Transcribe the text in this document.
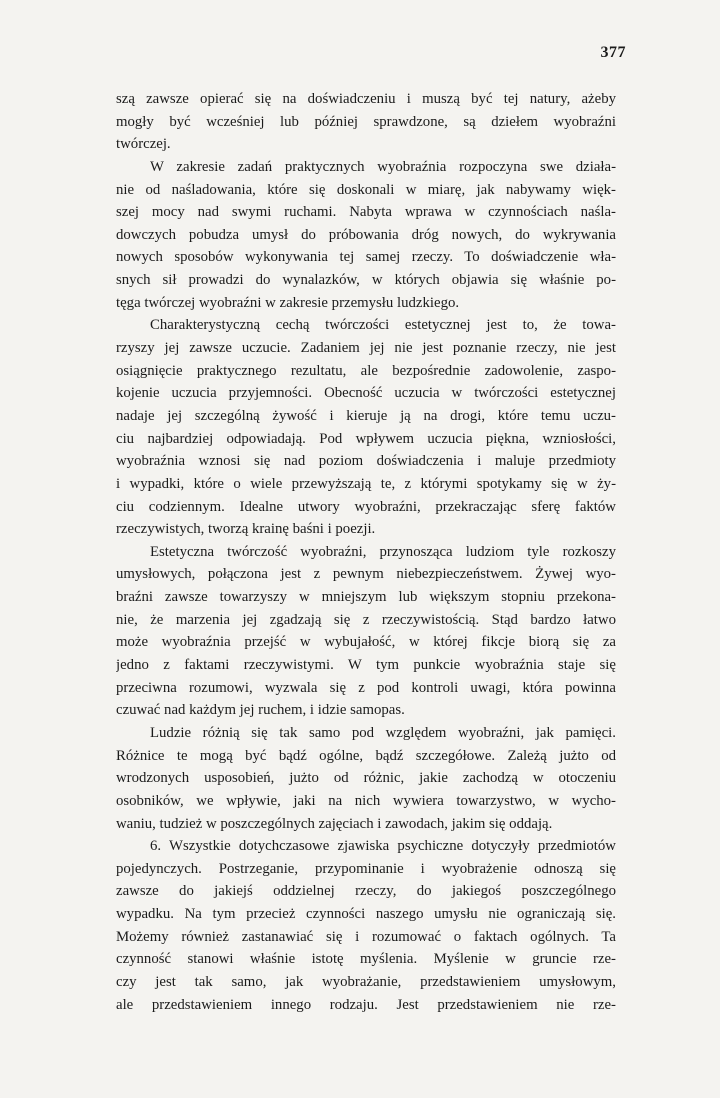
377
szą zawsze opierać się na doświadczeniu i muszą być tej natury, ażeby
mogły być wcześniej lub później sprawdzone, są dziełem wyobraźni
twórczej.
W zakresie zadań praktycznych wyobraźnia rozpoczyna swe działa-
nie od naśladowania, które się doskonali w miarę, jak nabywamy więk-
szej mocy nad swymi ruchami. Nabyta wprawa w czynnościach naśla-
dowczych pobudza umysł do próbowania dróg nowych, do wykrywania
nowych sposobów wykonywania tej samej rzeczy. To doświadczenie wła-
snych sił prowadzi do wynalazków, w których objawia się właśnie po-
tęga twórczej wyobraźni w zakresie przemysłu ludzkiego.
Charakterystyczną cechą twórczości estetycznej jest to, że towa-
rzyszy jej zawsze uczucie. Zadaniem jej nie jest poznanie rzeczy, nie jest
osiągnięcie praktycznego rezultatu, ale bezpośrednie zadowolenie, zaspo-
kojenie uczucia przyjemności. Obecność uczucia w twórczości estetycznej
nadaje jej szczególną żywość i kieruje ją na drogi, które temu uczu-
ciu najbardziej odpowiadają. Pod wpływem uczucia piękna, wzniosłości,
wyobraźnia wznosi się nad poziom doświadczenia i maluje przedmioty
i wypadki, które o wiele przewyższają te, z którymi spotykamy się w ży-
ciu codziennym. Idealne utwory wyobraźni, przekraczając sferę faktów
rzeczywistych, tworzą krainę baśni i poezji.
Estetyczna twórczość wyobraźni, przynosząca ludziom tyle rozkoszy
umysłowych, połączona jest z pewnym niebezpieczeństwem. Żywej wyo-
braźni zawsze towarzyszy w mniejszym lub większym stopniu przekona-
nie, że marzenia jej zgadzają się z rzeczywistością. Stąd bardzo łatwo
może wyobraźnia przejść w wybujałość, w której fikcje biorą się za
jedno z faktami rzeczywistymi. W tym punkcie wyobraźnia staje się
przeciwna rozumowi, wyzwala się z pod kontroli uwagi, która powinna
czuwać nad każdym jej ruchem, i idzie samopas.
Ludzie różnią się tak samo pod względem wyobraźni, jak pamięci.
Różnice te mogą być bądź ogólne, bądź szczegółowe. Zależą jużto od
wrodzonych usposobień, jużto od różnic, jakie zachodzą w otoczeniu
osobników, we wpływie, jaki na nich wywiera towarzystwo, w wycho-
waniu, tudzież w poszczególnych zajęciach i zawodach, jakim się oddają.
6. Wszystkie dotychczasowe zjawiska psychiczne dotyczyły przedmiotów
pojedynczych. Postrzeganie, przypominanie i wyobrażenie odnoszą się
zawsze do jakiejś oddzielnej rzeczy, do jakiegoś poszczególnego
wypadku. Na tym przecież czynności naszego umysłu nie ograniczają się.
Możemy również zastanawiać się i rozumować o faktach ogólnych. Ta
czynność stanowi właśnie istotę myślenia. Myślenie w gruncie rze-
czy jest tak samo, jak wyobrażanie, przedstawieniem umysłowym,
ale przedstawieniem innego rodzaju. Jest przedstawieniem nie rze-
